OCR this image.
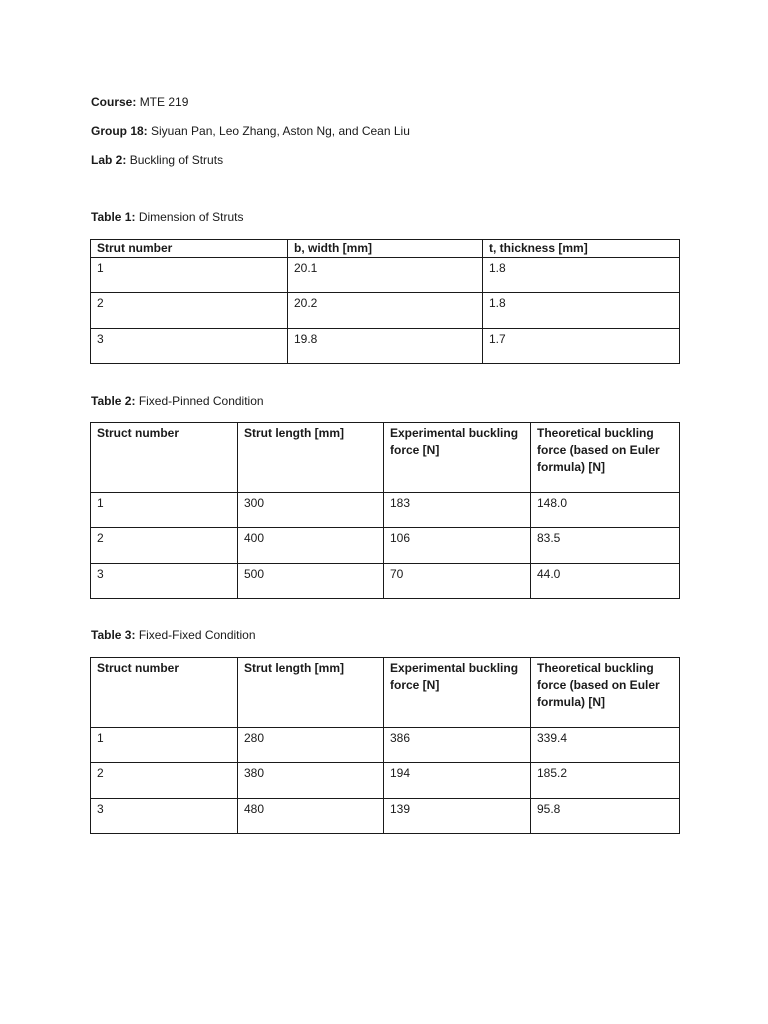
Course: MTE 219
Group 18: Siyuan Pan, Leo Zhang, Aston Ng, and Cean Liu
Lab 2: Buckling of Struts
Table 1: Dimension of Struts
Strut number	b, width [mm]	t, thickness [mm]
1	20.1	1.8
2	20.2	1.8
3	19.8	1.7
Table 2: Fixed-Pinned Condition
Struct number	Strut length [mm]	Experimental buckling force [N]	Theoretical buckling force (based on Euler formula) [N]
1	300	183	148.0
2	400	106	83.5
3	500	70	44.0
Table 3: Fixed-Fixed Condition
Struct number	Strut length [mm]	Experimental buckling force [N]	Theoretical buckling force (based on Euler formula) [N]
1	280	386	339.4
2	380	194	185.2
3	480	139	95.8
